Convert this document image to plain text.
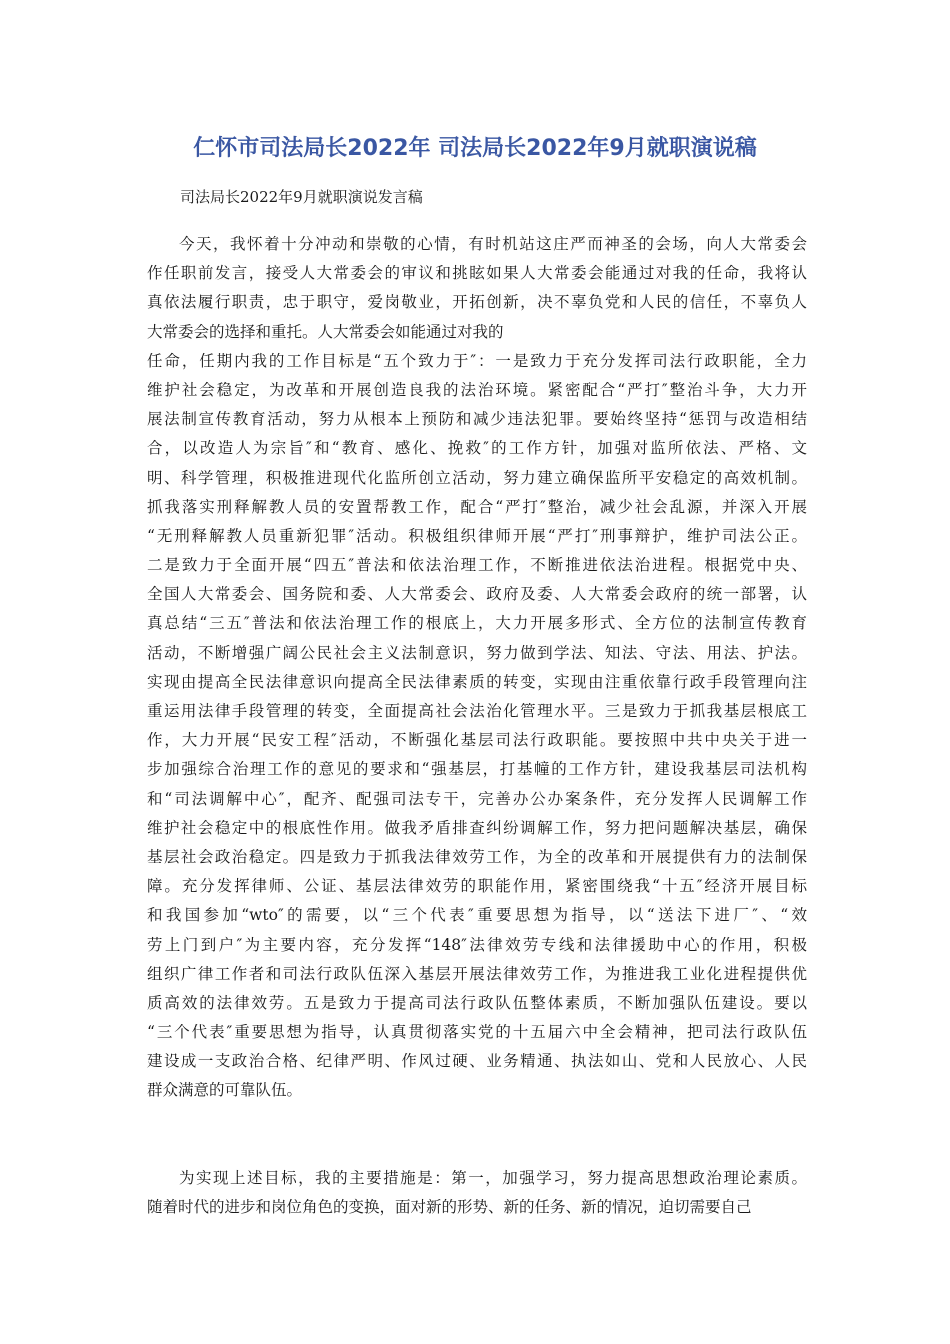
仁怀市司法局长2022年 司法局长2022年9月就职演说稿

司法局长2022年9月就职演说发言稿

今天，我怀着十分冲动和崇敬的心情，有时机站这庄严而神圣的会场，向人大常委会
作任职前发言，接受人大常委会的审议和挑眩如果人大常委会能通过对我的任命，我将认
真依法履行职责，忠于职守，爱岗敬业，开拓创新，决不辜负党和人民的信任，不辜负人
大常委会的选择和重托。人大常委会如能通过对我的
任命，任期内我的工作目标是“五个致力于″：一是致力于充分发挥司法行政职能，全力
维护社会稳定，为改革和开展创造良我的法治环境。紧密配合“严打″整治斗争，大力开
展法制宣传教育活动，努力从根本上预防和减少违法犯罪。要始终坚持“惩罚与改造相结
合，以改造人为宗旨″和“教育、感化、挽救″的工作方针，加强对监所依法、严格、文
明、科学管理，积极推进现代化监所创立活动，努力建立确保监所平安稳定的高效机制。
抓我落实刑释解教人员的安置帮教工作，配合“严打″整治，减少社会乱源，并深入开展
“无刑释解教人员重新犯罪″活动。积极组织律师开展“严打″刑事辩护，维护司法公正。
二是致力于全面开展“四五″普法和依法治理工作，不断推进依法治进程。根据党中央、
全国人大常委会、国务院和委、人大常委会、政府及委、人大常委会政府的统一部署，认
真总结“三五″普法和依法治理工作的根底上，大力开展多形式、全方位的法制宣传教育
活动，不断增强广阔公民社会主义法制意识，努力做到学法、知法、守法、用法、护法。
实现由提高全民法律意识向提高全民法律素质的转变，实现由注重依靠行政手段管理向注
重运用法律手段管理的转变，全面提高社会法治化管理水平。三是致力于抓我基层根底工
作，大力开展“民安工程″活动，不断强化基层司法行政职能。要按照中共中央关于进一
步加强综合治理工作的意见的要求和“强基层，打基幢的工作方针，建设我基层司法机构
和“司法调解中心″，配齐、配强司法专干，完善办公办案条件，充分发挥人民调解工作
维护社会稳定中的根底性作用。做我矛盾排查纠纷调解工作，努力把问题解决基层，确保
基层社会政治稳定。四是致力于抓我法律效劳工作，为全的改革和开展提供有力的法制保
障。充分发挥律师、公证、基层法律效劳的职能作用，紧密围绕我“十五″经济开展目标
和我国参加“wto″的需要，以“三个代表″重要思想为指导，以“送法下进厂″、“效
劳上门到户″为主要内容，充分发挥“148″法律效劳专线和法律援助中心的作用，积极
组织广律工作者和司法行政队伍深入基层开展法律效劳工作，为推进我工业化进程提供优
质高效的法律效劳。五是致力于提高司法行政队伍整体素质，不断加强队伍建设。要以
“三个代表″重要思想为指导，认真贯彻落实党的十五届六中全会精神，把司法行政队伍
建设成一支政治合格、纪律严明、作风过硬、业务精通、执法如山、党和人民放心、人民
群众满意的可靠队伍。
为实现上述目标，我的主要措施是：第一，加强学习，努力提高思想政治理论素质。
随着时代的进步和岗位角色的变换，面对新的形势、新的任务、新的情况，迫切需要自己
